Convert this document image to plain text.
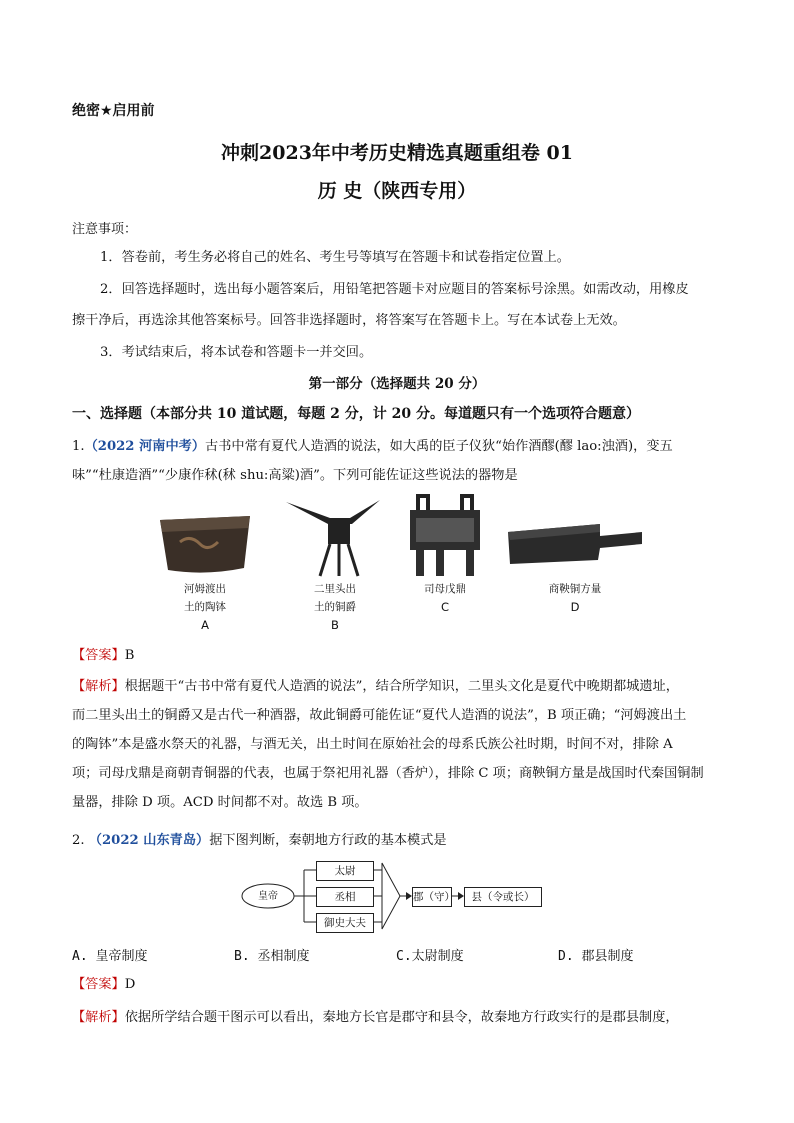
绝密★启用前
冲刺2023年中考历史精选真题重组卷 01
历 史（陕西专用）
注意事项：
1．答卷前，考生务必将自己的姓名、考生号等填写在答题卡和试卷指定位置上。
2．回答选择题时，选出每小题答案后，用铅笔把答题卡对应题目的答案标号涂黑。如需改动，用橡皮
擦干净后，再选涂其他答案标号。回答非选择题时，将答案写在答题卡上。写在本试卷上无效。
3．考试结束后，将本试卷和答题卡一并交回。
第一部分（选择题共 20 分）
一、选择题（本部分共 10 道试题，每题 2 分，计 20 分。每道题只有一个选项符合题意）
1.（2022 河南中考）古书中常有夏代人造酒的说法，如大禹的臣子仪狄“始作酒醪(醪 lao:浊酒)，变五
味”“杜康造酒”“少康作秫(秫 shu:高粱)酒”。下列可能佐证这些说法的器物是
河姆渡出
土的陶钵
A
二里头出
土的铜爵
B
司母戊鼎
C
商鞅铜方量
D
【答案】B
【解析】根据题干“古书中常有夏代人造酒的说法”，结合所学知识，二里头文化是夏代中晚期都城遗址，
而二里头出土的铜爵又是古代一种酒器，故此铜爵可能佐证“夏代人造酒的说法”，B 项正确；“河姆渡出土
的陶钵”本是盛水祭天的礼器，与酒无关，出土时间在原始社会的母系氏族公社时期，时间不对，排除 A
项；司母戊鼎是商朝青铜器的代表，也属于祭祀用礼器（香炉），排除 C 项；商鞅铜方量是战国时代秦国铜制
量器，排除 D 项。ACD 时间都不对。故选 B 项。
2. （2022 山东青岛）据下图判断，秦朝地方行政的基本模式是
皇帝
太尉
丞相
御史大夫
郡（守）	县（令或长）
A. 皇帝制度	B. 丞相制度	C.太尉制度	D. 郡县制度
【答案】D
【解析】依据所学结合题干图示可以看出，秦地方长官是郡守和县令，故秦地方行政实行的是郡县制度，
